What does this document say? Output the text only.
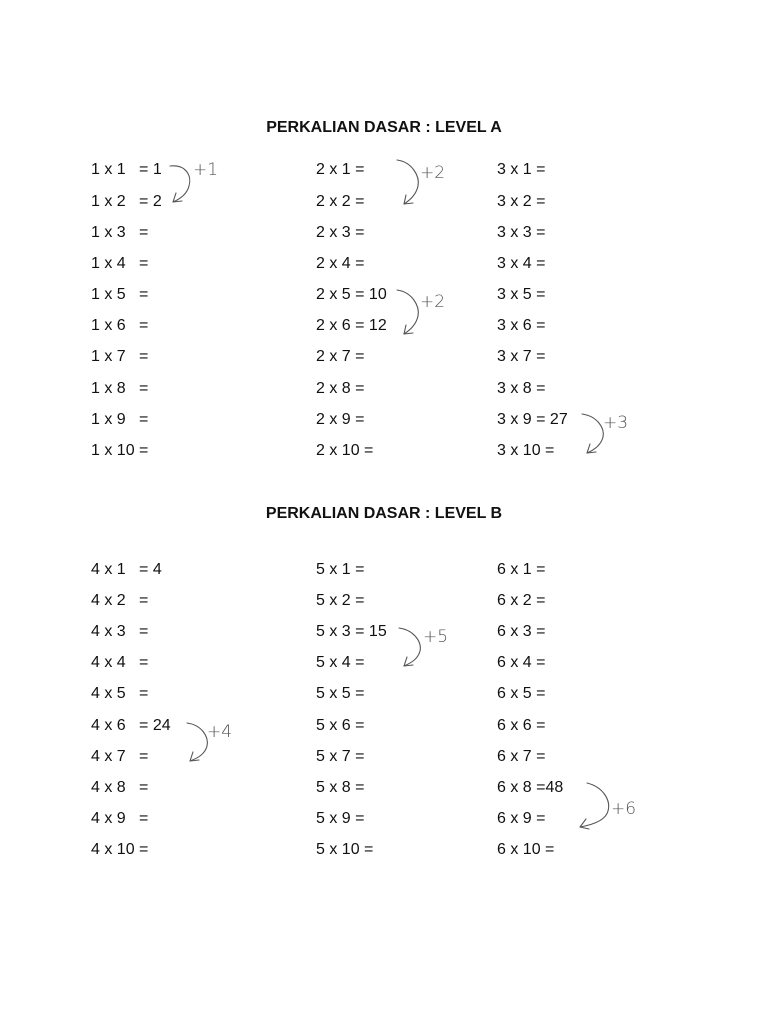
PERKALIAN DASAR : LEVEL A
1 x 1   = 1
1 x 2   = 2
1 x 3   =
1 x 4   =
1 x 5   =
1 x 6   =
1 x 7   =
1 x 8   =
1 x 9   =
1 x 10 =
2 x 1 =
2 x 2 =
2 x 3 =
2 x 4 =
2 x 5 = 10
2 x 6 = 12
2 x 7 =
2 x 8 =
2 x 9 =
2 x 10 =
3 x 1 =
3 x 2 =
3 x 3 =
3 x 4 =
3 x 5 =
3 x 6 =
3 x 7 =
3 x 8 =
3 x 9 = 27
3 x 10 =
PERKALIAN DASAR : LEVEL B
4 x 1   = 4
4 x 2   =
4 x 3   =
4 x 4   =
4 x 5   =
4 x 6   = 24
4 x 7   =
4 x 8   =
4 x 9   =
4 x 10 =
5 x 1 =
5 x 2 =
5 x 3 = 15
5 x 4 =
5 x 5 =
5 x 6 =
5 x 7 =
5 x 8 =
5 x 9 =
5 x 10 =
6 x 1 =
6 x 2 =
6 x 3 =
6 x 4 =
6 x 5 =
6 x 6 =
6 x 7 =
6 x 8 =48
6 x 9 =
6 x 10 =
+1	+2
+2
+3
+5
+4
+6
